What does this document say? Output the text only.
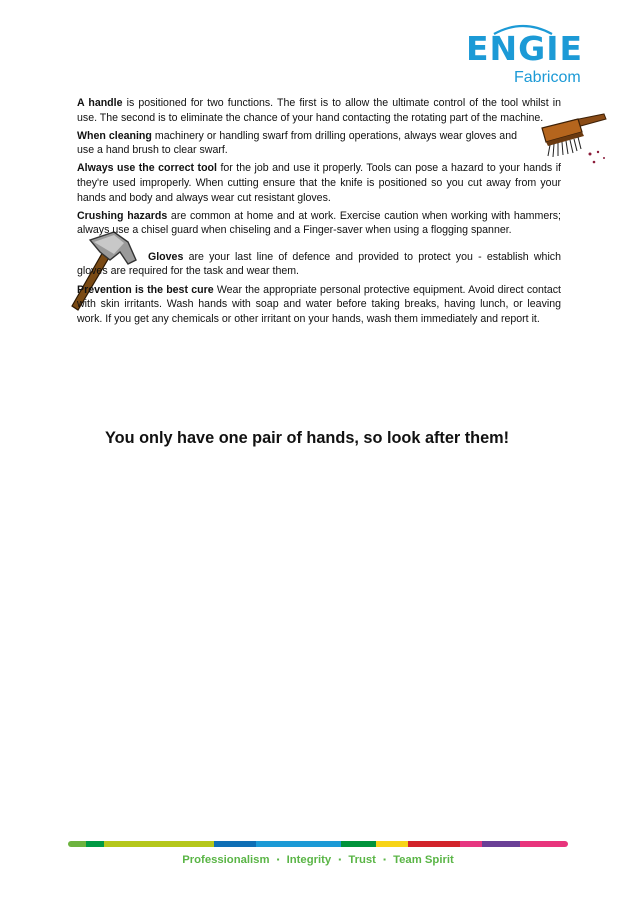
ENGIE
Fabricom

A handle is positioned for two functions. The first is to allow the ultimate control of the tool whilst in use. The second is to eliminate the chance of your hand contacting the rotating part of the machine.

When cleaning machinery or handling swarf from drilling operations, always wear gloves and use a hand brush to clear swarf.

Always use the correct tool for the job and use it properly. Tools can pose a hazard to your hands if they're used improperly. When cutting ensure that the knife is positioned so you cut away from your hands and body and always wear cut resistant gloves.

Crushing hazards are common at home and at work. Exercise caution when working with hammers; always use a chisel guard when chiseling and a Finger-saver when using a flogging spanner.

Gloves are your last line of defence and provided to protect you - establish which gloves are required for the task and wear them.

Prevention is the best cure Wear the appropriate personal protective equipment. Avoid direct contact with skin irritants. Wash hands with soap and water before taking breaks, having lunch, or leaving work. If you get any chemicals or other irritant on your hands, wash them immediately and report it.

You only have one pair of hands, so look after them!
Professionalism ▪ Integrity ▪ Trust ▪ Team Spirit
